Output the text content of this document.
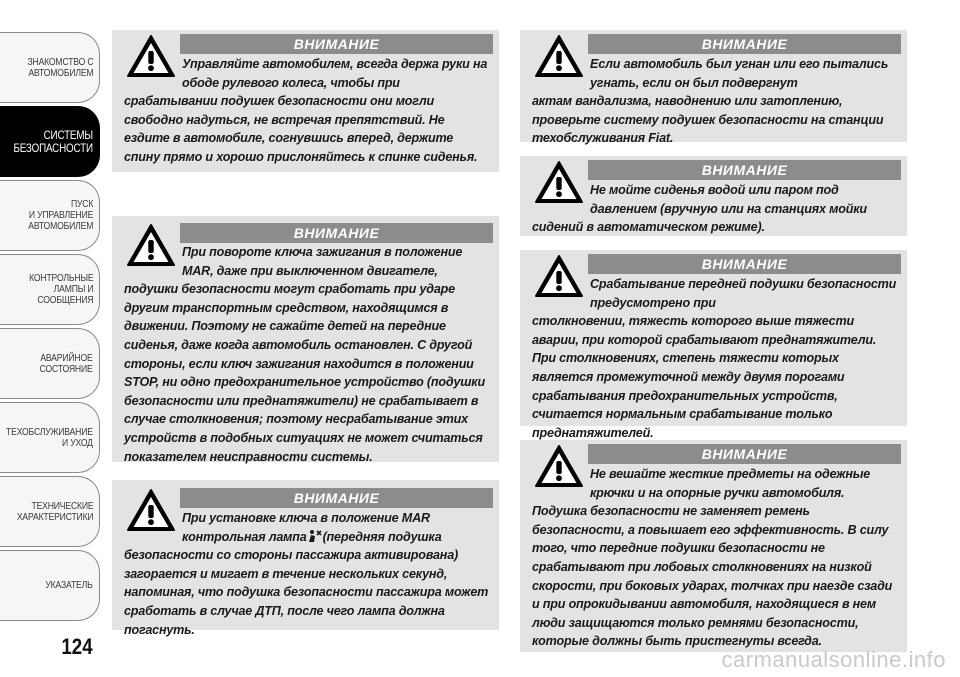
ЗНАКОМСТВО С
АВТОМОБИЛЕМ
СИСТЕМЫ
БЕЗОПАСНОСТИ
ПУСК
И УПРАВЛЕНИЕ
АВТОМОБИЛЕМ
КОНТРОЛЬНЫЕ
ЛАМПЫ И
СООБЩЕНИЯ
АВАРИЙНОЕ
СОСТОЯНИЕ
ТЕХОБСЛУЖИВАНИЕ
И УХОД
ТЕХНИЧЕСКИЕ
ХАРАКТЕРИСТИКИ
УКАЗАТЕЛЬ
124
ВНИМАНИЕ

Управляйте автомобилем, всегда держа руки на ободе рулевого колеса, чтобы при

срабатывании подушек безопасности они могли свободно надуться, не встречая препятствий. Не ездите в автомобиле, согнувшись вперед, держите спину прямо и хорошо прислоняйтесь к спинке сиденья.

ВНИМАНИЕ

При повороте ключа зажигания в положение MAR, даже при выключенном двигателе,

подушки безопасности могут сработать при ударе другим транспортным средством, находящимся в движении. Поэтому не сажайте детей на передние сиденья, даже когда автомобиль остановлен. С другой стороны, если ключ зажигания находится в положении STOP, ни одно предохранительное устройство (подушки безопасности или преднатяжители) не срабатывает в случае столкновения; поэтому несрабатывание этих устройств в подобных ситуациях не может считаться показателем неисправности системы.

ВНИМАНИЕ

При установке ключа в положение MAR

контрольная лампа (передняя подушка

безопасности со стороны пассажира активирована) загорается и мигает в течение нескольких секунд, напоминая, что подушка безопасности пассажира может сработать в случае ДТП, после чего лампа должна погаснуть.

ВНИМАНИЕ

Если автомобиль был угнан или его пытались угнать, если он был подвергнут

актам вандализма, наводнению или затоплению, проверьте систему подушек безопасности на станции техобслуживания Fiat.

ВНИМАНИЕ

Не мойте сиденья водой или паром под давлением (вручную или на станциях мойки

сидений в автоматическом режиме).

ВНИМАНИЕ

Срабатывание передней подушки безопасности предусмотрено при

столкновении, тяжесть которого выше тяжести аварии, при которой срабатывают преднатяжители. При столкновениях, степень тяжести которых является промежуточной между двумя порогами срабатывания предохранительных устройств, считается нормальным срабатывание только преднатяжителей.

ВНИМАНИЕ

Не вешайте жесткие предметы на одежные крючки и на опорные ручки автомобиля.

Подушка безопасности не заменяет ремень безопасности, а повышает его эффективность. В силу того, что передние подушки безопасности не срабатывают при лобовых столкновениях на низкой скорости, при боковых ударах, толчках при наезде сзади и при опрокидывании автомобиля, находящиеся в нем люди защищаются только ремнями безопасности, которые должны быть пристегнуты всегда.

carmanualsonline.info
